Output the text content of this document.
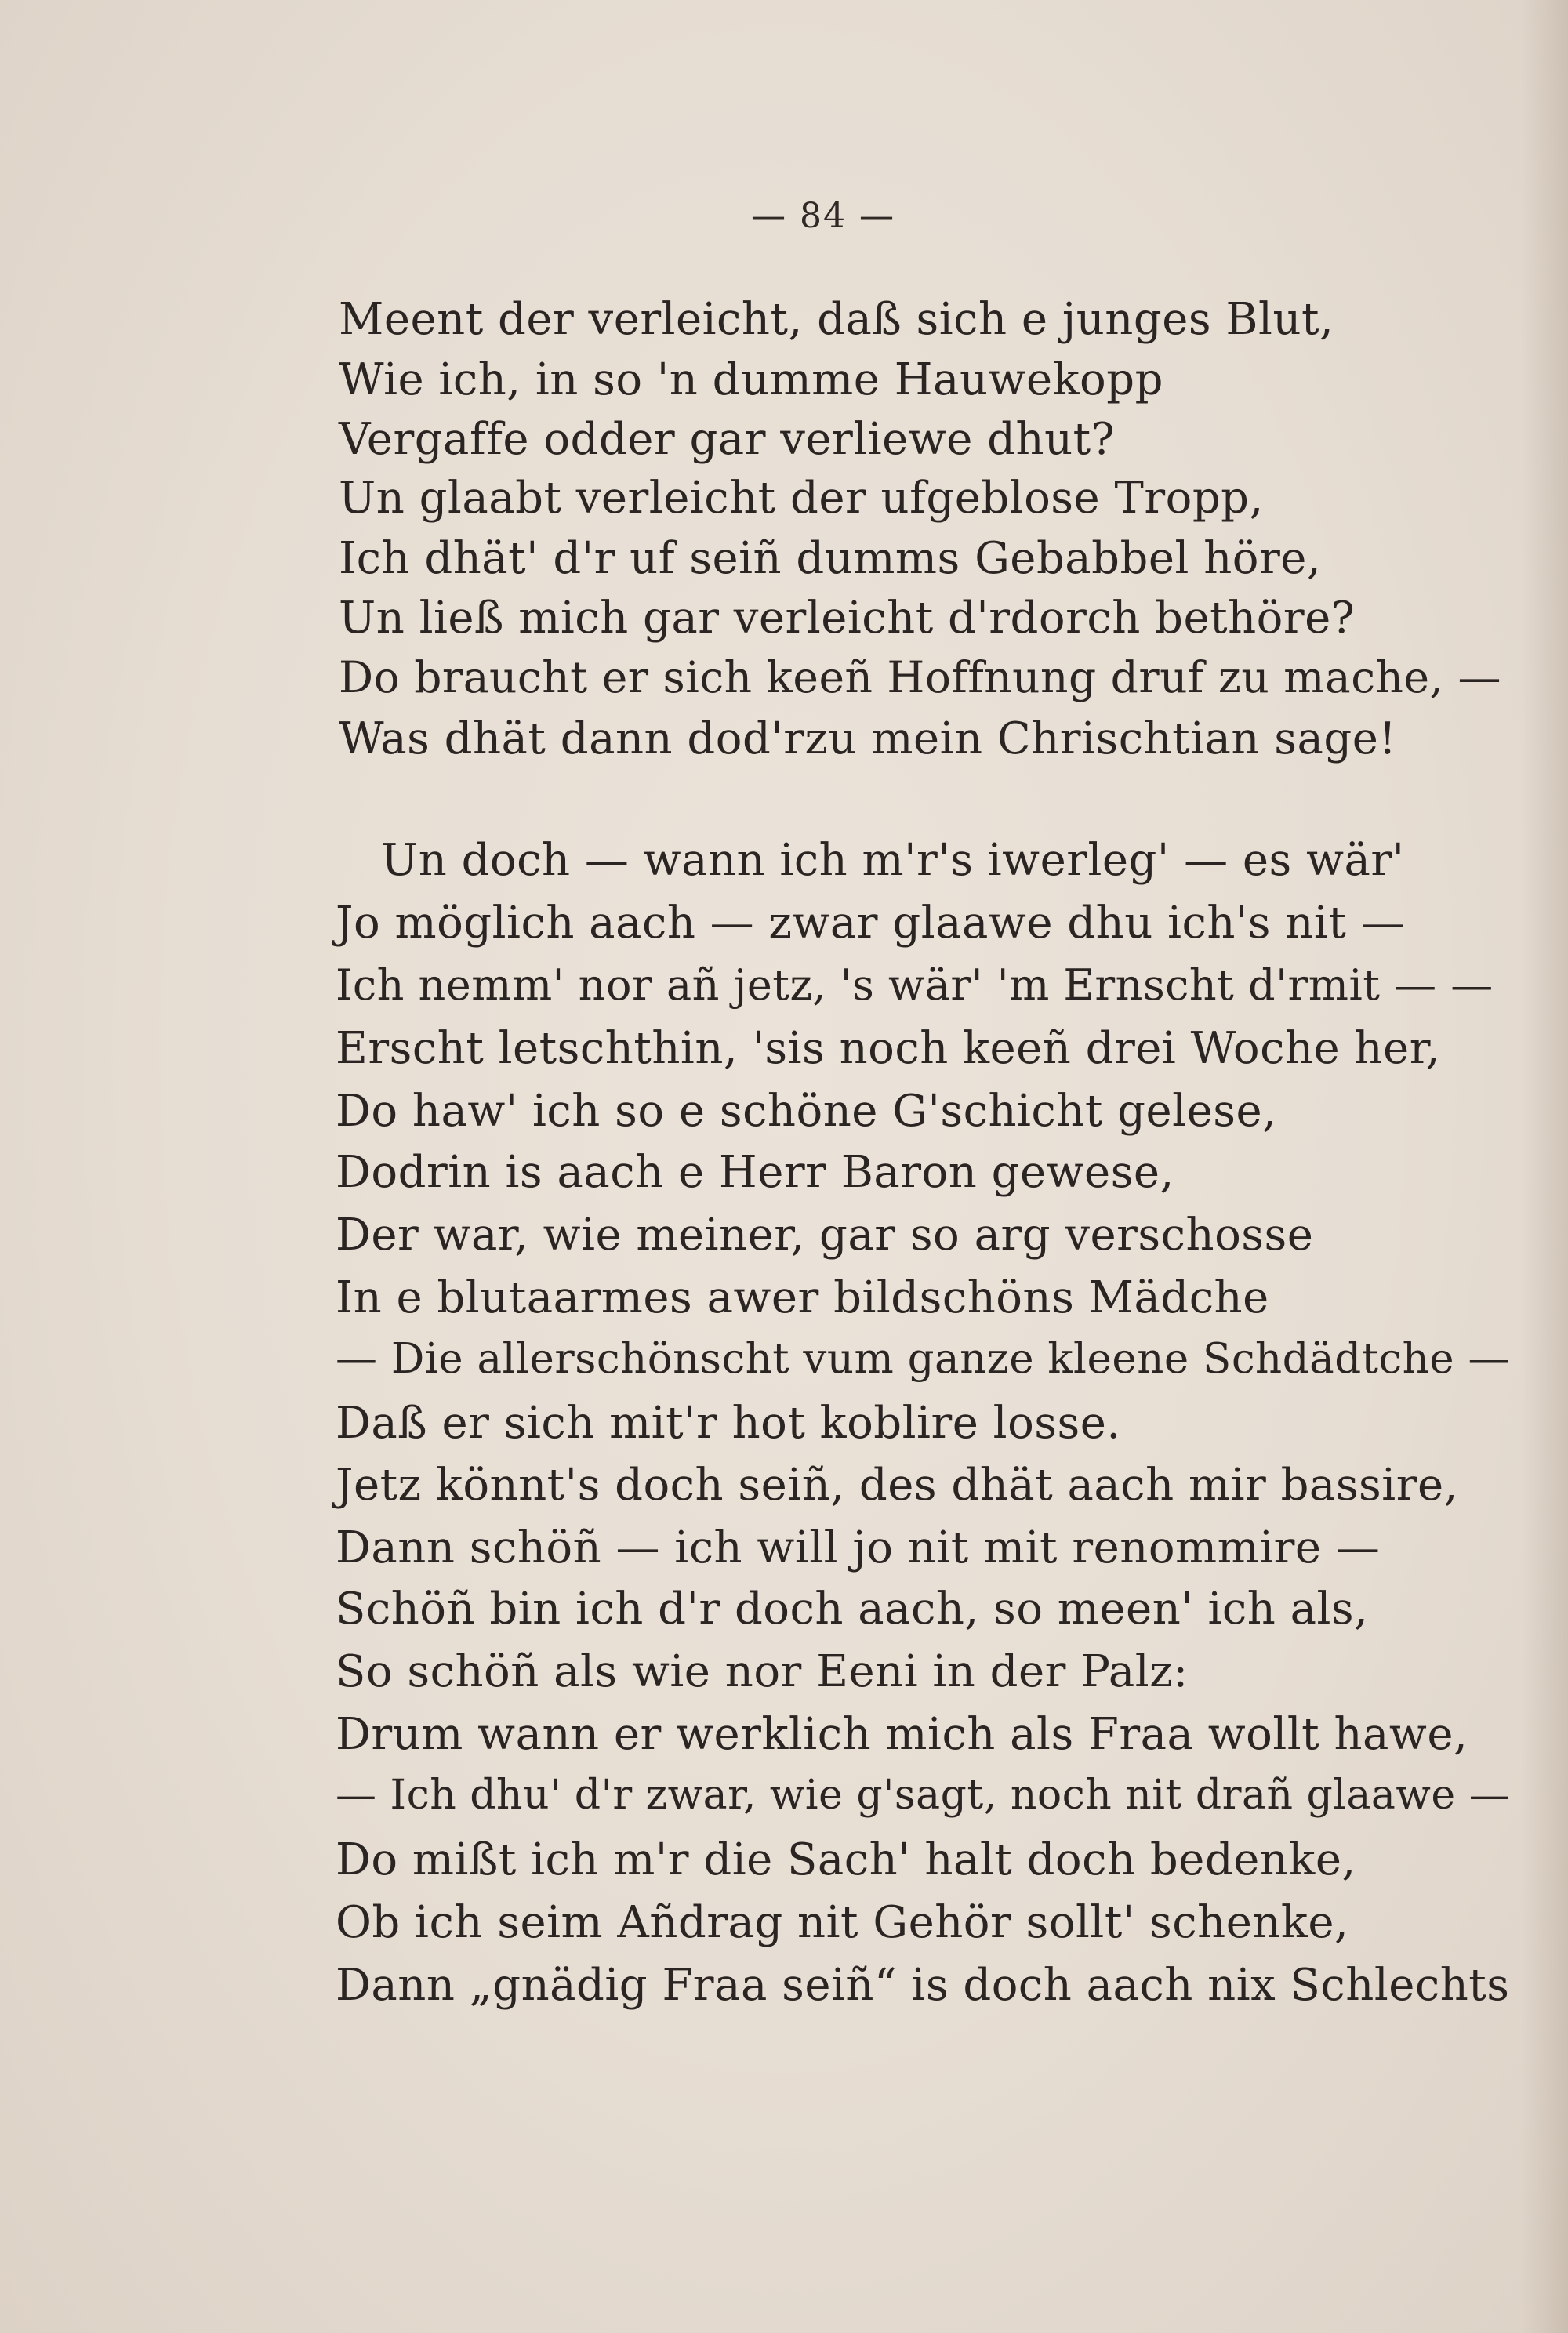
— 84 —
Meent der verleicht, daß sich e junges Blut,
Wie ich, in so 'n dumme Hauwekopp
Vergaffe odder gar verliewe dhut?
Un glaabt verleicht der ufgeblose Tropp,
Ich dhät' d'r uf seiñ dumms Gebabbel höre,
Un ließ mich gar verleicht d'rdorch bethöre?
Do braucht er sich keeñ Hoffnung druf zu mache, —
Was dhät dann dod'rzu mein Chrischtian sage!
Un doch — wann ich m'r's iwerleg' — es wär'
Jo möglich aach — zwar glaawe dhu ich's nit —
Ich nemm' nor añ jetz, 's wär' 'm Ernscht d'rmit — —
Erscht letschthin, 'sis noch keeñ drei Woche her,
Do haw' ich so e schöne G'schicht gelese,
Dodrin is aach e Herr Baron gewese,
Der war, wie meiner, gar so arg verschosse
In e blutaarmes awer bildschöns Mädche
— Die allerschönscht vum ganze kleene Schdädtche —
Daß er sich mit'r hot koblire losse.
Jetz könnt's doch seiñ, des dhät aach mir bassire,
Dann schöñ — ich will jo nit mit renommire —
Schöñ bin ich d'r doch aach, so meen' ich als,
So schöñ als wie nor Eeni in der Palz:
Drum wann er werklich mich als Fraa wollt hawe,
— Ich dhu' d'r zwar, wie g'sagt, noch nit drañ glaawe —
Do mißt ich m'r die Sach' halt doch bedenke,
Ob ich seim Añdrag nit Gehör sollt' schenke,
Dann „gnädig Fraa seiñ“ is doch aach nix Schlechts
